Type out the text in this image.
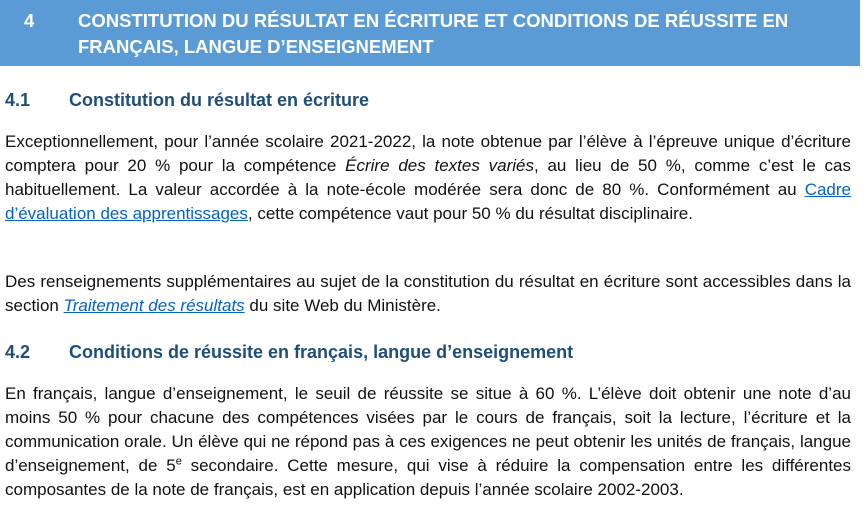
4 CONSTITUTION DU RÉSULTAT EN ÉCRITURE ET CONDITIONS DE RÉUSSITE EN FRANÇAIS, LANGUE D’ENSEIGNEMENT
4.1 Constitution du résultat en écriture

Exceptionnellement, pour l’année scolaire 2021-2022, la note obtenue par l’élève à l’épreuve unique d’écriture comptera pour 20 % pour la compétence Écrire des textes variés, au lieu de 50 %, comme c’est le cas habituellement. La valeur accordée à la note-école modérée sera donc de 80 %. Conformément au Cadre d’évaluation des apprentissages, cette compétence vaut pour 50 % du résultat disciplinaire.

Des renseignements supplémentaires au sujet de la constitution du résultat en écriture sont accessibles dans la section Traitement des résultats du site Web du Ministère.

4.2 Conditions de réussite en français, langue d’enseignement

En français, langue d’enseignement, le seuil de réussite se situe à 60 %. L’élève doit obtenir une note d’au moins 50 % pour chacune des compétences visées par le cours de français, soit la lecture, l’écriture et la communication orale. Un élève qui ne répond pas à ces exigences ne peut obtenir les unités de français, langue d’enseignement, de 5e secondaire. Cette mesure, qui vise à réduire la compensation entre les différentes composantes de la note de français, est en application depuis l’année scolaire 2002-2003.
